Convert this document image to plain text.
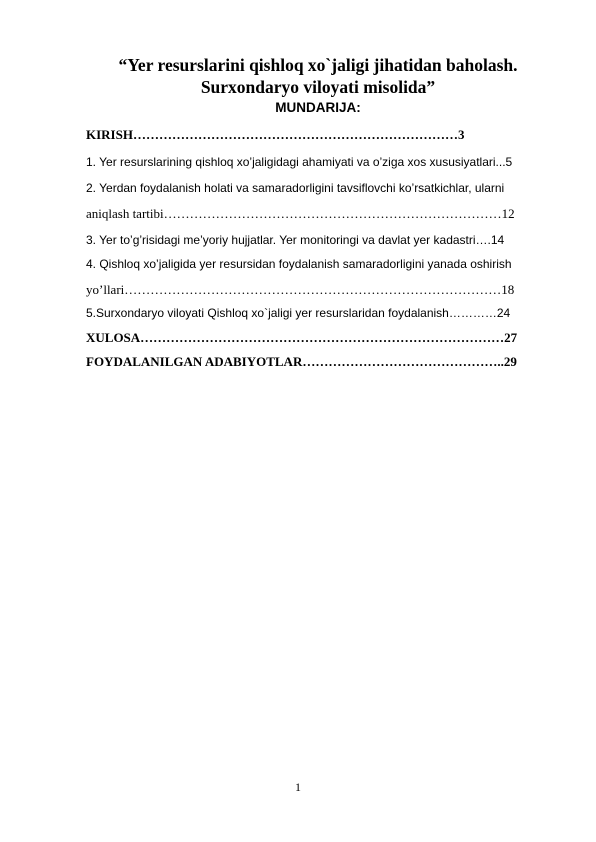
“Yer resurslarini qishloq xo`jaligi jihatidan baholash.
Surxondaryo viloyati misolida”
MUNDARIJA:
KIRISH…………………………………………………………………3
1. Yer resurslarining qishloq xo’jaligidagi ahamiyati va o’ziga xos xususiyatlari...5
2. Yerdan foydalanish holati va samaradorligini tavsiflovchi ko’rsatkichlar, ularni
aniqlash tartibi……………………………………………………………………12
3. Yer to’g’risidagi me’yoriy hujjatlar. Yer monitoringi va davlat yer kadastri….14
4. Qishloq xo’jaligida yer resursidan foydalanish samaradorligini yanada oshirish
yo’llari……………………………………………………………………………18
5.Surxondaryo viloyati Qishloq xo`jaligi yer resurslaridan foydalanish…………24
XULOSA…………………………………………………………………………27
FOYDALANILGAN ADABIYOTLAR………………………………………..29
1
